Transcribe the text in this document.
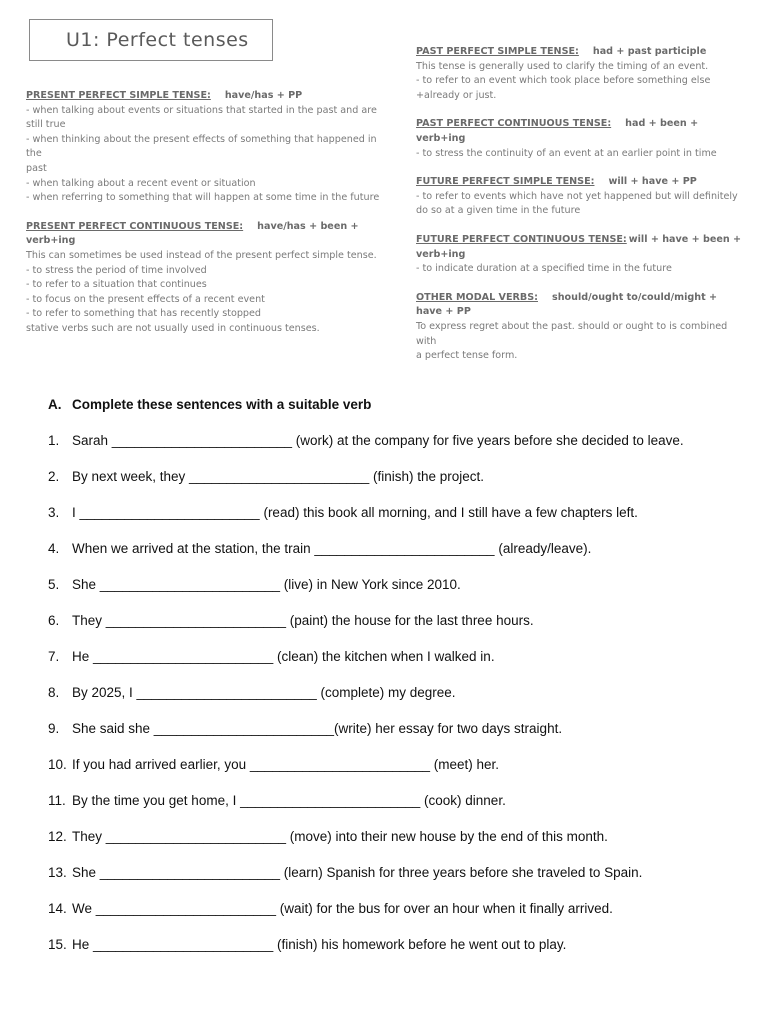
U1: Perfect tenses
PRESENT PERFECT SIMPLE TENSE: have/has + PP
- when talking about events or situations that started in the past and are
still true
- when thinking about the present effects of something that happened in the
past
- when talking about a recent event or situation
- when referring to something that will happen at some time in the future
PRESENT PERFECT CONTINUOUS TENSE: have/has + been + verb+ing
This can sometimes be used instead of the present perfect simple tense.
- to stress the period of time involved
- to refer to a situation that continues
- to focus on the present effects of a recent event
- to refer to something that has recently stopped
stative verbs such are not usually used in continuous tenses.
PAST PERFECT SIMPLE TENSE: had + past participle
This tense is generally used to clarify the timing of an event.
- to refer to an event which took place before something else
+already or just.
PAST PERFECT CONTINUOUS TENSE: had + been + verb+ing
- to stress the continuity of an event at an earlier point in time
FUTURE PERFECT SIMPLE TENSE: will + have + PP
- to refer to events which have not yet happened but will definitely
do so at a given time in the future
FUTURE PERFECT CONTINUOUS TENSE: will + have + been + verb+ing
- to indicate duration at a specified time in the future
OTHER MODAL VERBS: should/ought to/could/might + have + PP
To express regret about the past. should or ought to is combined with
a perfect tense form.
A. Complete these sentences with a suitable verb
1. Sarah ________________________ (work) at the company for five years before she decided to leave.
2. By next week, they ________________________ (finish) the project.
3. I ________________________ (read) this book all morning, and I still have a few chapters left.
4. When we arrived at the station, the train ________________________ (already/leave).
5. She ________________________ (live) in New York since 2010.
6. They ________________________ (paint) the house for the last three hours.
7. He ________________________ (clean) the kitchen when I walked in.
8. By 2025, I ________________________ (complete) my degree.
9. She said she ________________________(write) her essay for two days straight.
10. If you had arrived earlier, you ________________________ (meet) her.
11. By the time you get home, I ________________________ (cook) dinner.
12. They ________________________ (move) into their new house by the end of this month.
13. She ________________________ (learn) Spanish for three years before she traveled to Spain.
14. We ________________________ (wait) for the bus for over an hour when it finally arrived.
15. He ________________________ (finish) his homework before he went out to play.
